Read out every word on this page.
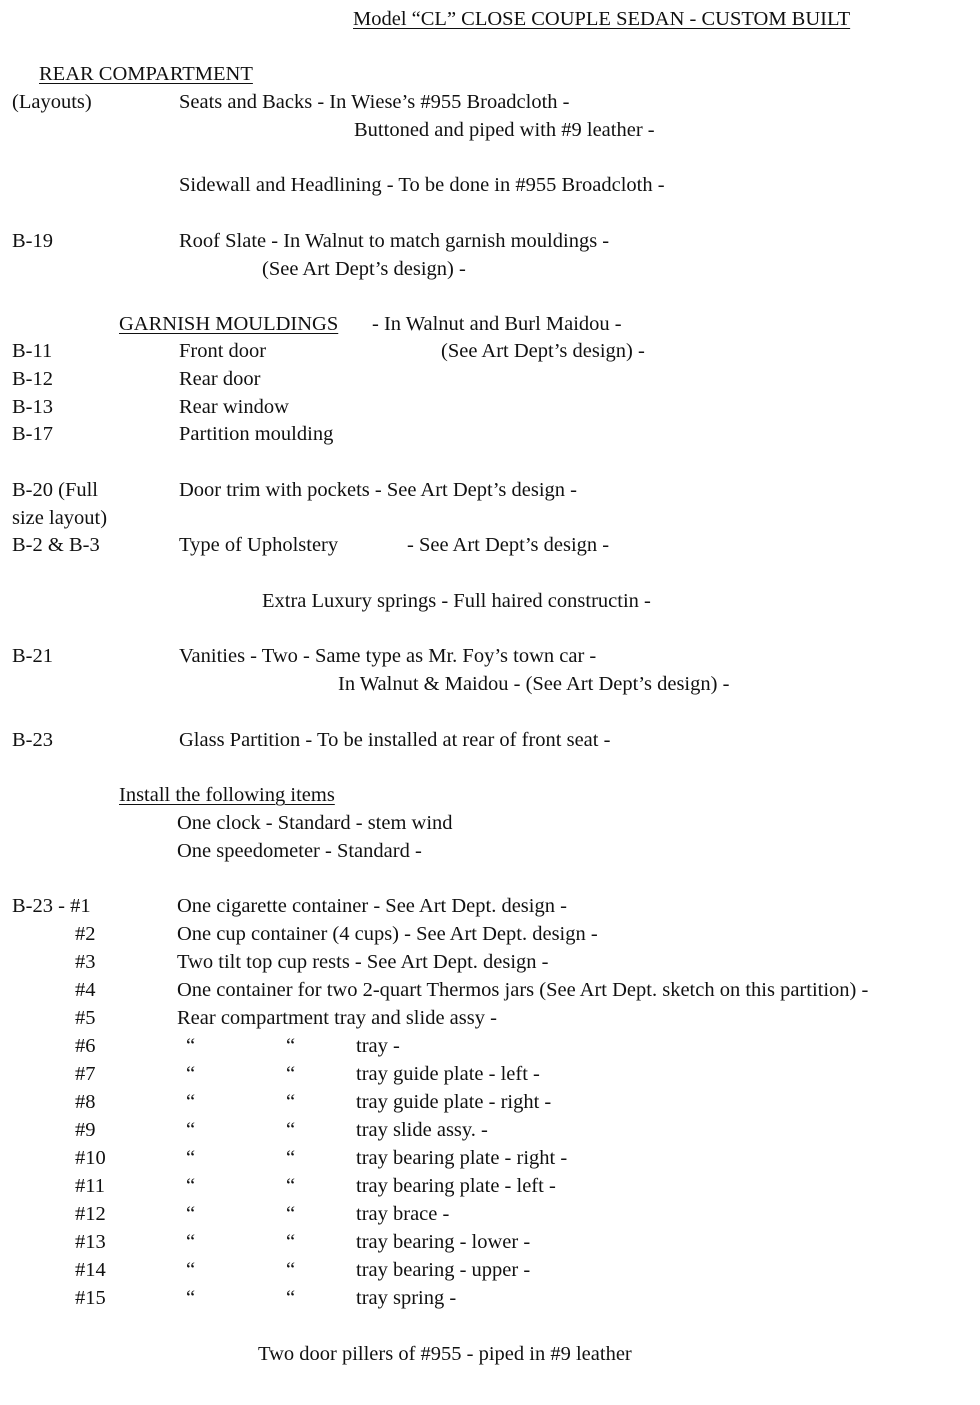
Model “CL” CLOSE COUPLE SEDAN - CUSTOM BUILT
REAR COMPARTMENT
(Layouts)	Seats and Backs - In Wiese’s #955 Broadcloth -
Buttoned and piped with #9 leather -
Sidewall and Headlining - To be done in #955 Broadcloth -
B-19	Roof Slate - In Walnut to match garnish mouldings -
(See Art Dept’s design) -
GARNISH MOULDINGS - In Walnut and Burl Maidou -
B-11	Front door	(See Art Dept’s design) -
B-12	Rear door
B-13	Rear window
B-17	Partition moulding
B-20 (Full	Door trim with pockets - See Art Dept’s design -
size layout)
B-2 & B-3	Type of Upholstery	- See Art Dept’s design -
Extra Luxury springs - Full haired constructin -
B-21	Vanities - Two - Same type as Mr. Foy’s town car -
In Walnut & Maidou - (See Art Dept’s design) -
B-23	Glass Partition - To be installed at rear of front seat -
Install the following items
One clock - Standard - stem wind
One speedometer - Standard -
B-23 - #1	One cigarette container - See Art Dept. design -
#2	One cup container (4 cups) - See Art Dept. design -
#3	Two tilt top cup rests - See Art Dept. design -
#4	One container for two 2-quart Thermos jars (See Art Dept. sketch on this partition) -
#5	Rear compartment tray and slide assy -
#6	“	“	tray -
#7	“	“	tray guide plate - left -
#8	“	“	tray guide plate - right -
#9	“	“	tray slide assy. -
#10	“	“	tray bearing plate - right -
#11	“	“	tray bearing plate - left -
#12	“	“	tray brace -
#13	“	“	tray bearing - lower -
#14	“	“	tray bearing - upper -
#15	“	“	tray spring -
Two door pillers of #955 - piped in #9 leather
